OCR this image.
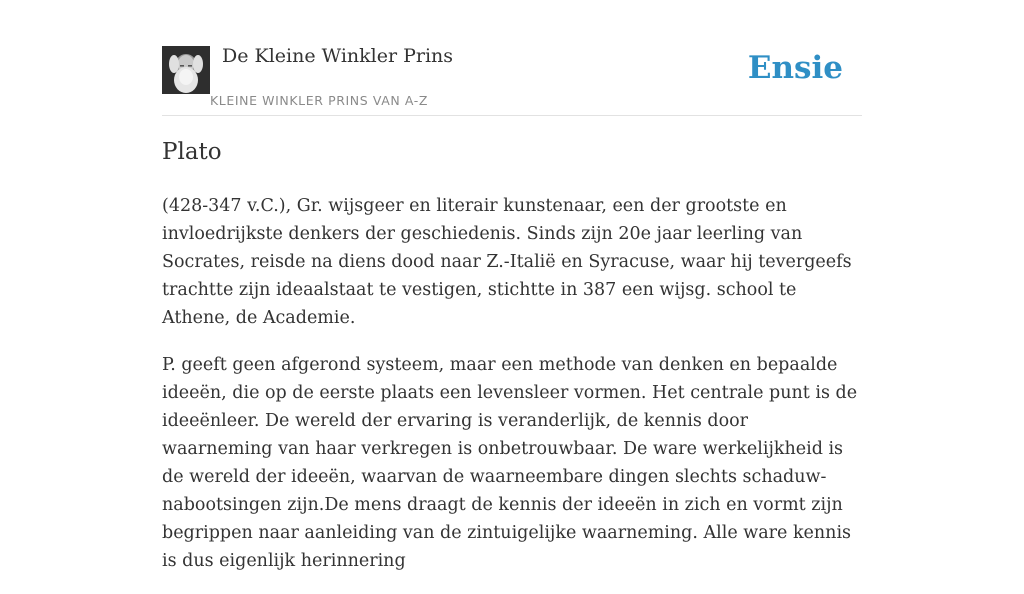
De Kleine Winkler Prins
KLEINE WINKLER PRINS VAN A-Z
Ensie
Plato

(428-347 v.C.), Gr. wijsgeer en literair kunstenaar, een der grootste en invloedrijkste denkers der geschiedenis. Sinds zijn 20e jaar leerling van Socrates, reisde na diens dood naar Z.-Italië en Syracuse, waar hij tevergeefs trachtte zijn ideaalstaat te vestigen, stichtte in 387 een wijsg. school te Athene, de Academie.

P. geeft geen afgerond systeem, maar een methode van denken en bepaalde ideeën, die op de eerste plaats een levensleer vormen. Het centrale punt is de ideeënleer. De wereld der ervaring is veranderlijk, de kennis door waarneming van haar verkregen is onbetrouwbaar. De ware werkelijkheid is de wereld der ideeën, waarvan de waarneembare dingen slechts schaduw-nabootsingen zijn.De mens draagt de kennis der ideeën in zich en vormt zijn begrippen naar aanleiding van de zintuigelijke waarneming. Alle ware kennis is dus eigenlijk herinnering
